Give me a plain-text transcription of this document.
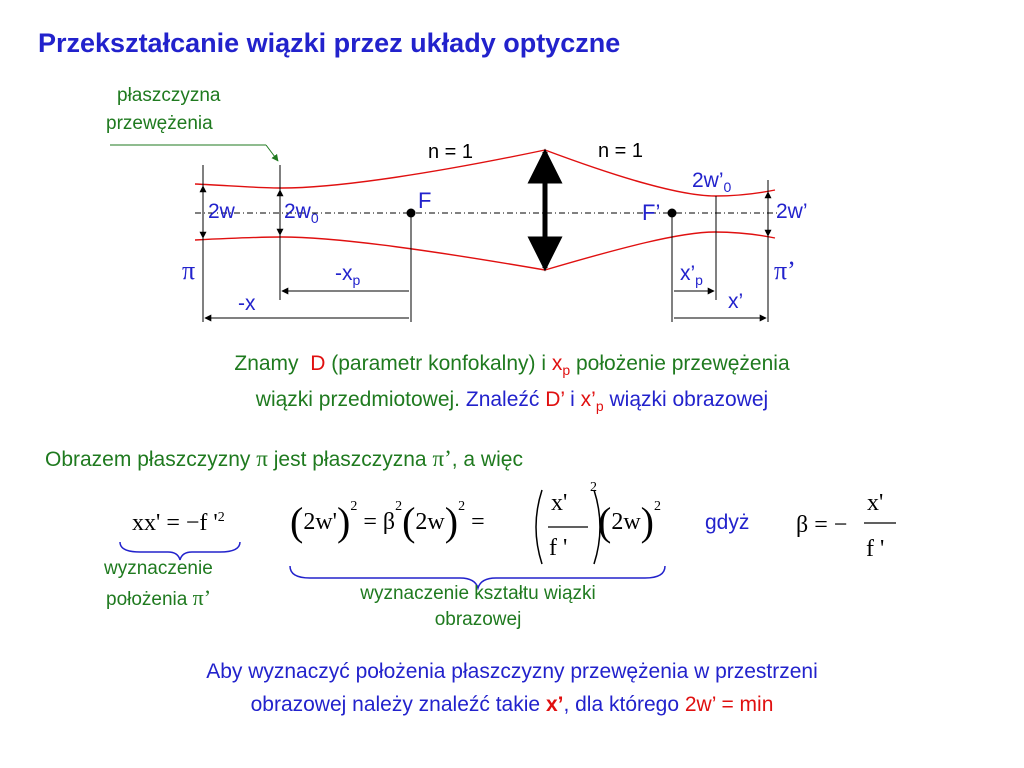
Przekształcanie wiązki przez układy optyczne
płaszczyzna
przewężenia
n = 1	n = 1
2w $2w_0$
F	F’
$2w’_0$
2w’
π	π’
$-x_p$
-x
$x’_p$
x’
Znamy D (parametr konfokalny) i $x_p$ położenie przewężenia
wiązki przedmiotowej. Znaleźć D’ i $x’_p$ wiązki obrazowej
Obrazem płaszczyzny π jest płaszczyzna π’, a więc
xx' = −f '$^2$ $(2w')^2 = \beta^2(2w)^2$ =
x'
f '
2
$(2w)^2$
gdyż β = −
x'
f '
wyznaczenie
położenia π’	wyznaczenie kształtu wiązki
obrazowej
Aby wyznaczyć położenia płaszczyzny przewężenia w przestrzeni
obrazowej należy znaleźć takie x’, dla którego 2w’ = min
